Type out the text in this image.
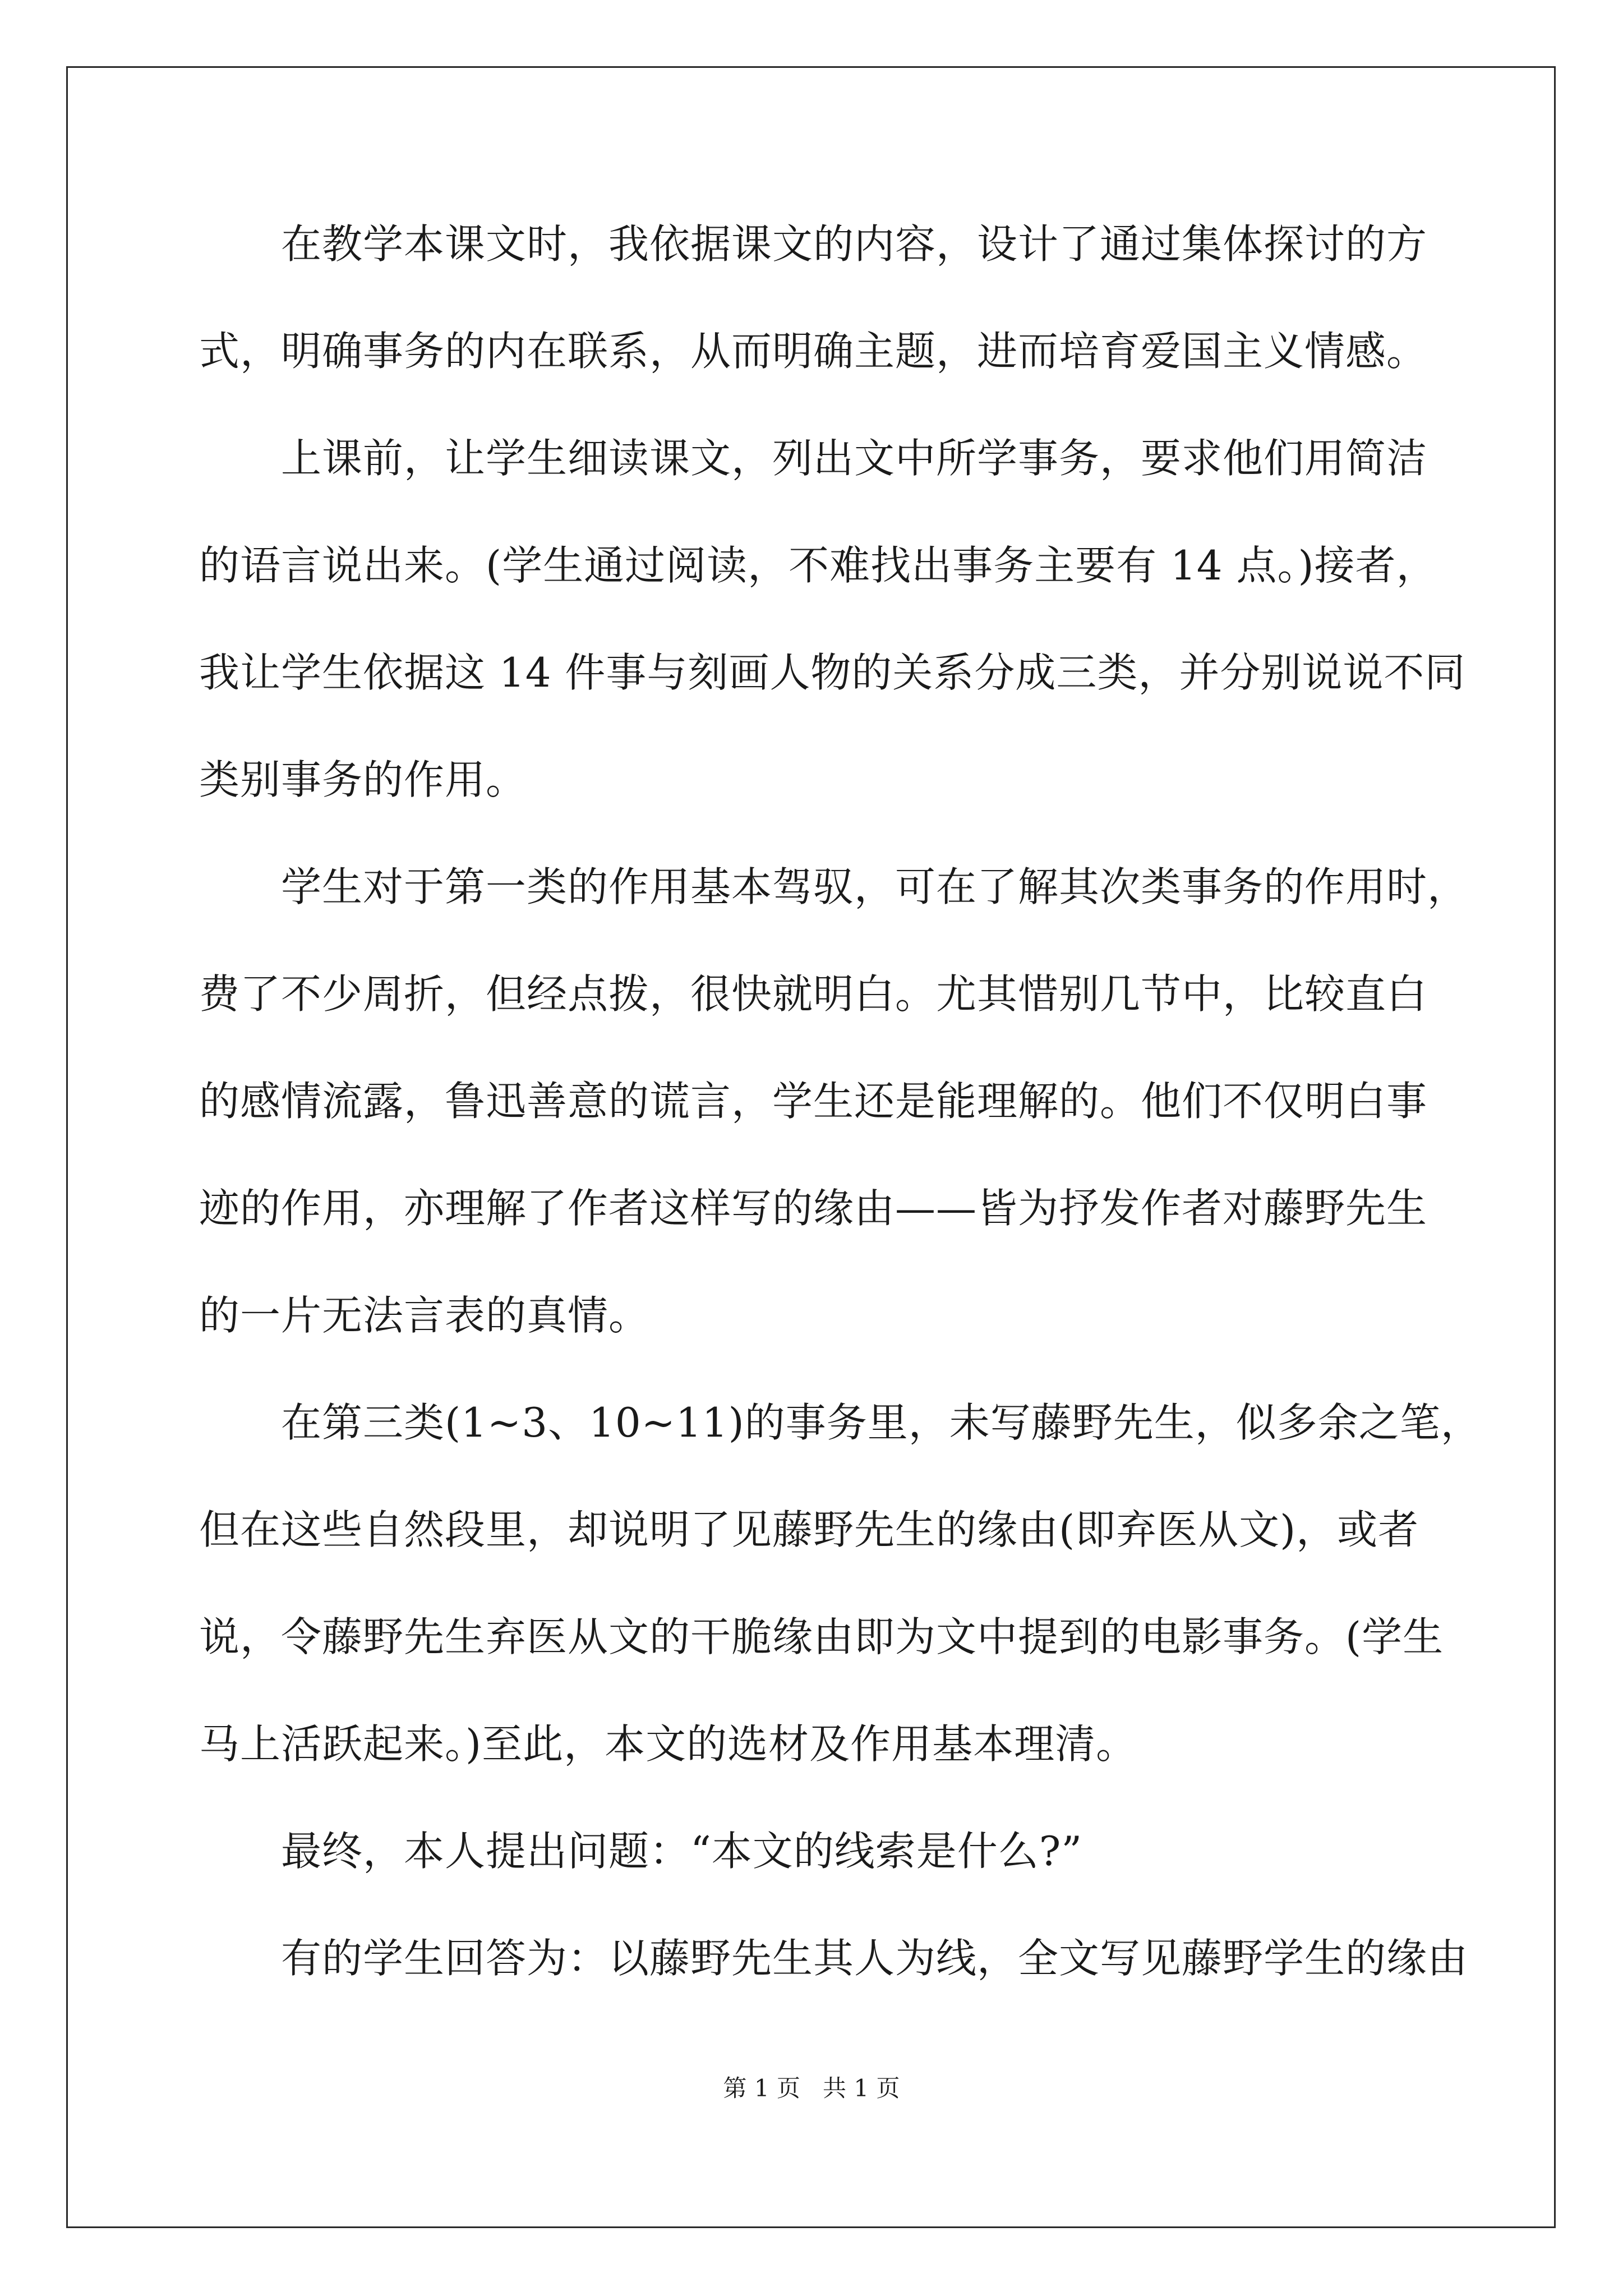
在教学本课文时，我依据课文的内容，设计了通过集体探讨的方
式，明确事务的内在联系，从而明确主题，进而培育爱国主义情感。
上课前，让学生细读课文，列出文中所学事务，要求他们用简洁
的语言说出来。(学生通过阅读，不难找出事务主要有 14 点。)接者，
我让学生依据这 14 件事与刻画人物的关系分成三类，并分别说说不同
类别事务的作用。
学生对于第一类的作用基本驾驭，可在了解其次类事务的作用时，
费了不少周折，但经点拨，很快就明白。尤其惜别几节中，比较直白
的感情流露，鲁迅善意的谎言，学生还是能理解的。他们不仅明白事
迹的作用，亦理解了作者这样写的缘由——皆为抒发作者对藤野先生
的一片无法言表的真情。
在第三类(1~3、10~11)的事务里，未写藤野先生，似多余之笔，
但在这些自然段里，却说明了见藤野先生的缘由(即弃医从文)，或者
说，令藤野先生弃医从文的干脆缘由即为文中提到的电影事务。(学生
马上活跃起来。)至此，本文的选材及作用基本理清。
最终，本人提出问题：“本文的线索是什么?”
有的学生回答为：以藤野先生其人为线，全文写见藤野学生的缘由
第 1 页   共 1 页
